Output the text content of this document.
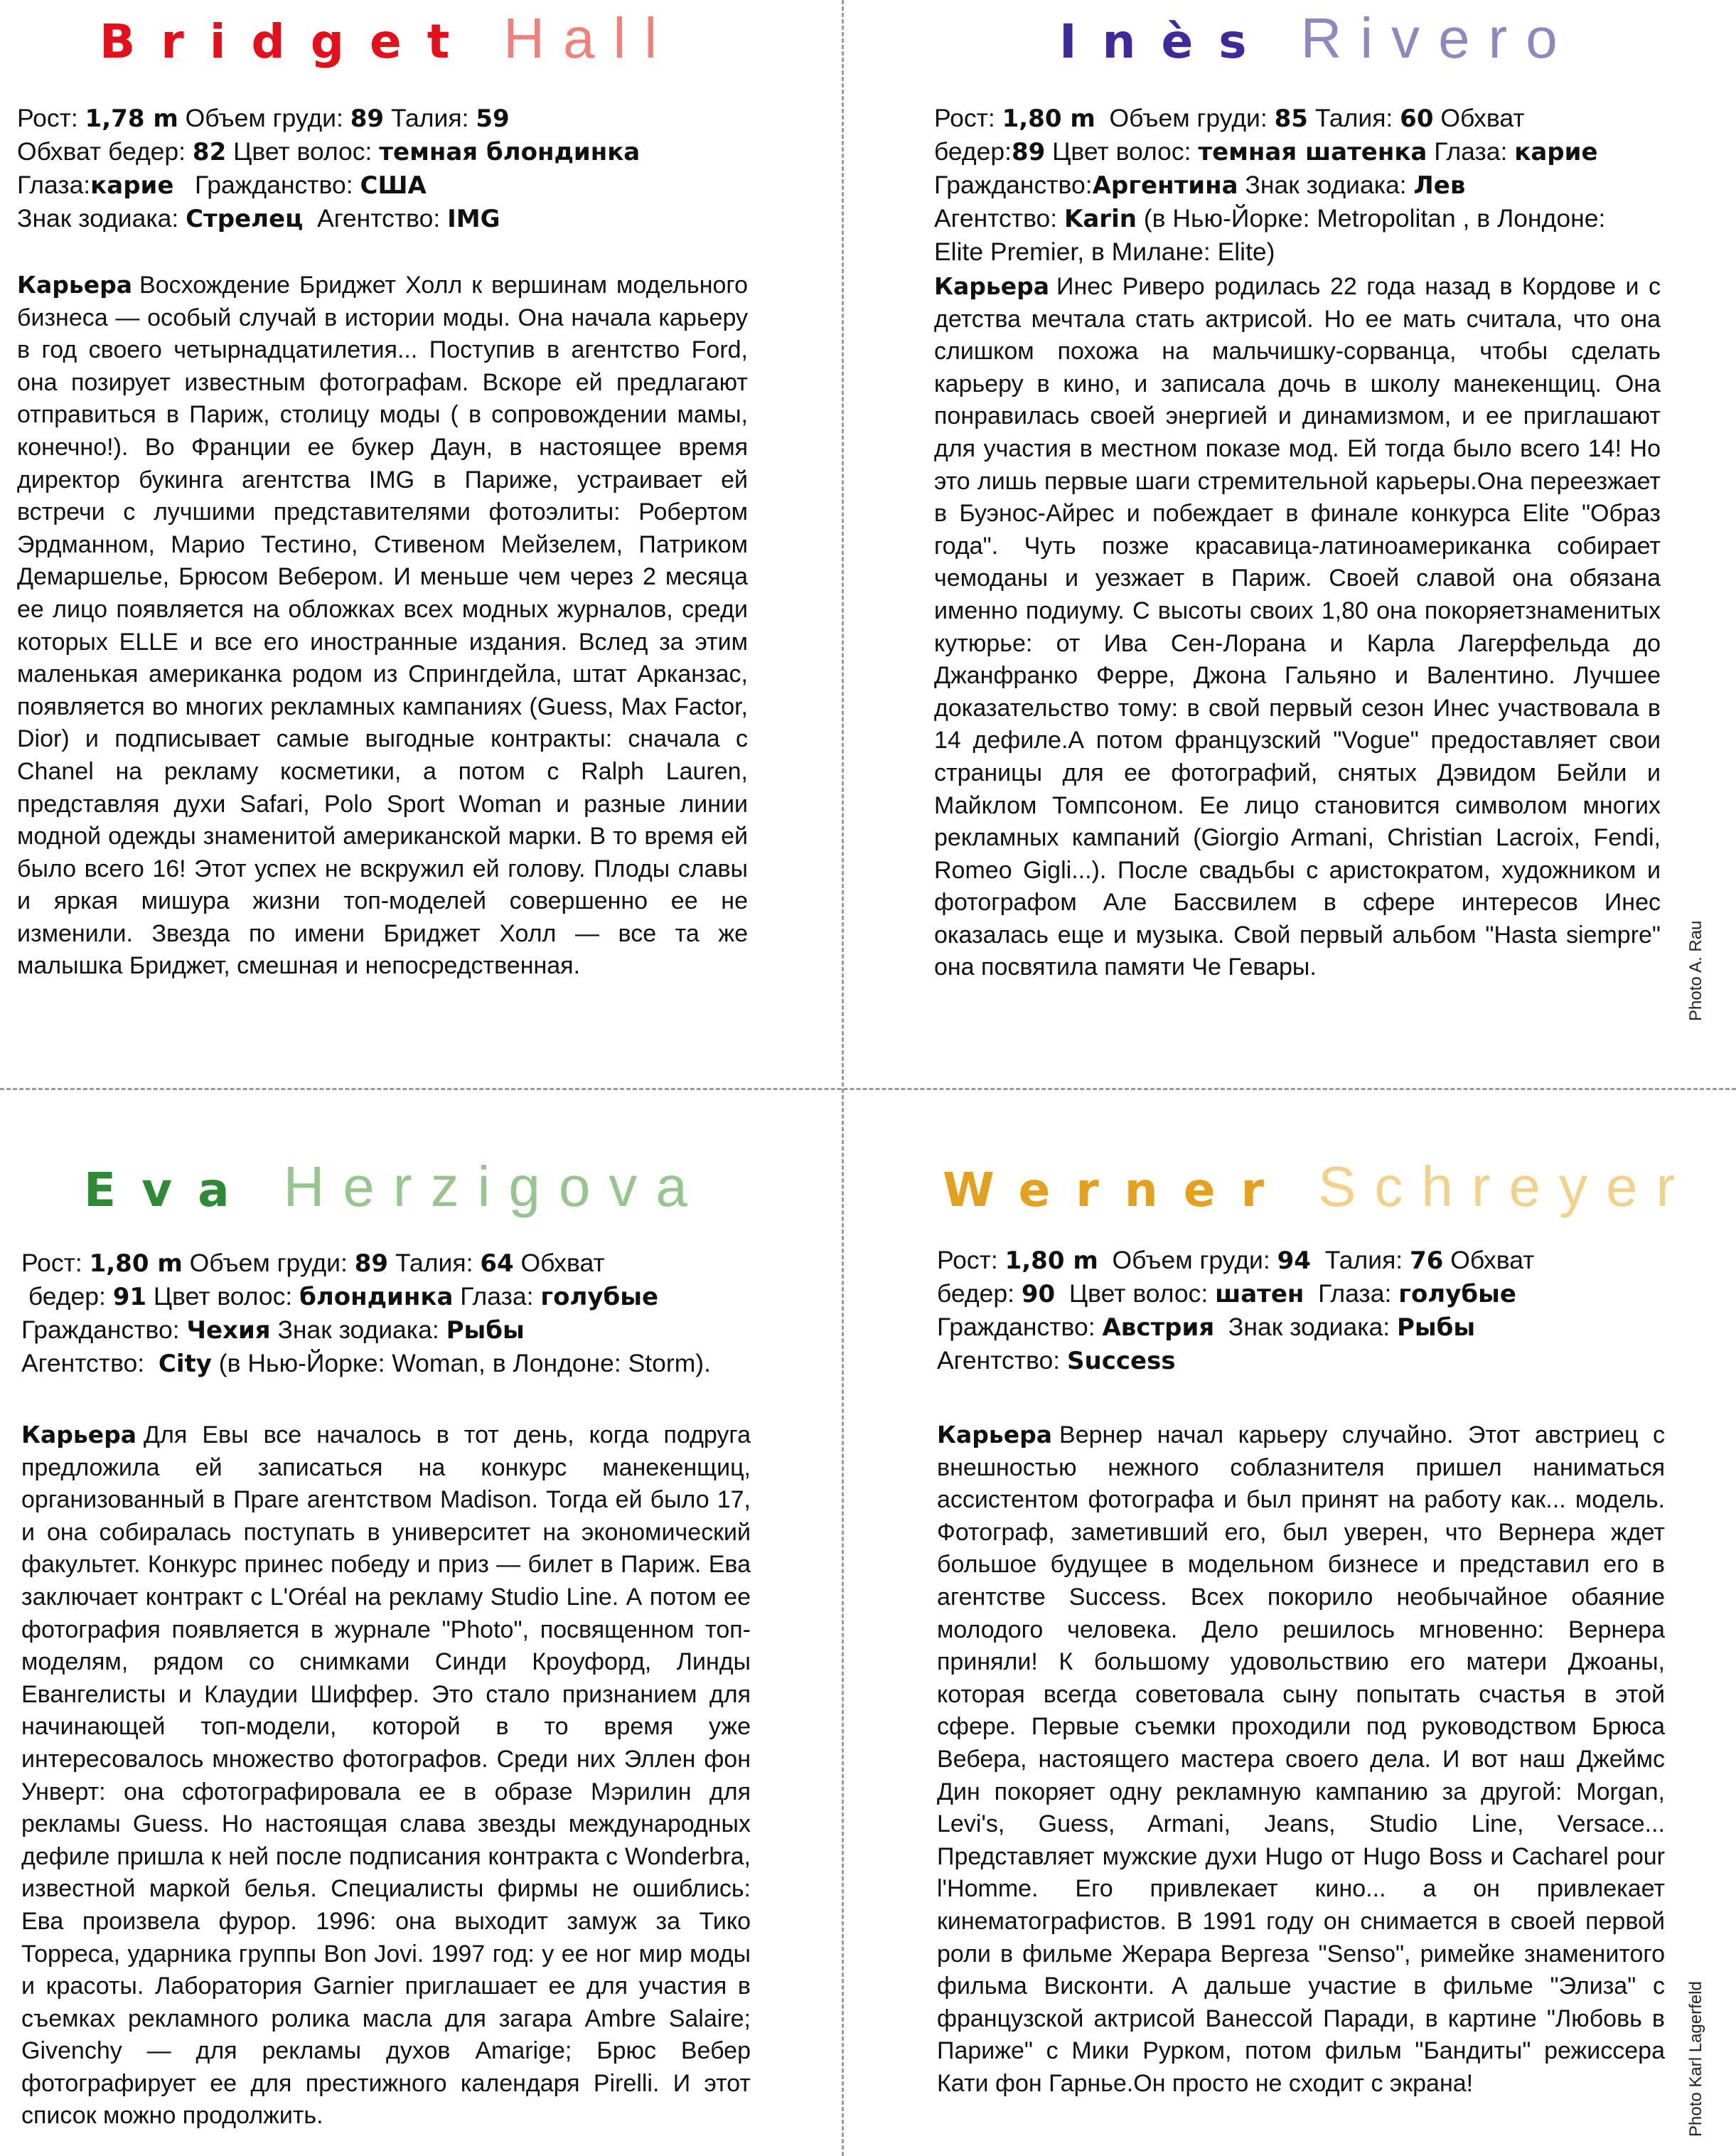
Bridget Hall
Рост: 1,78 m Объем груди: 89 Талия: 59
Обхват бедер: 82 Цвет волос: темная блондинка
Глаза:карие Гражданство: США
Знак зодиака: Стрелец Агентство: IMG

Карьера Восхождение Бриджет Холл к вершинам модельного бизнеса — особый случай в истории моды. Она начала карьеру в год своего четырнадцатилетия... Поступив в агентство Ford, она позирует известным фотографам. Вскоре ей предлагают отправиться в Париж, столицу моды ( в сопровождении мамы, конечно!). Во Франции ее букер Даун, в настоящее время директор букинга агентства IMG в Париже, устраивает ей встречи с лучшими представителями фотоэлиты: Робертом Эрдманном, Марио Тестино, Стивеном Мейзелем, Патриком Демаршелье, Брюсом Вебером. И меньше чем через 2 месяца ее лицо появляется на обложках всех модных журналов, среди которых ELLE и все его иностранные издания. Вслед за этим маленькая американка родом из Спрингдейла, штат Арканзас, появляется во многих рекламных кампаниях (Guess, Max Factor, Dior) и подписывает самые выгодные контракты: сначала с Chanel на рекламу косметики, а потом с Ralph Lauren, представляя духи Safari, Polo Sport Woman и разные линии модной одежды знаменитой американской марки. В то время ей было всего 16! Этот успех не вскружил ей голову. Плоды славы и яркая мишура жизни топ-моделей совершенно ее не изменили. Звезда по имени Бриджет Холл — все та же малышка Бриджет, смешная и непосредственная.

Inès Rivero
Рост: 1,80 m Объем груди: 85 Талия: 60 Обхват
бедер:89 Цвет волос: темная шатенка Глаза: карие
Гражданство:Аргентина Знак зодиака: Лев
Агентство: Karin (в Нью-Йорке: Metropolitan , в Лондоне:
Elite Premier, в Милане: Elite)

Карьера Инес Риверо родилась 22 года назад в Кордове и с детства мечтала стать актрисой. Но ее мать считала, что она слишком похожа на мальчишку-сорванца, чтобы сделать карьеру в кино, и записала дочь в школу манекенщиц. Она понравилась своей энергией и динамизмом, и ее приглашают для участия в местном показе мод. Ей тогда было всего 14! Но это лишь первые шаги стремительной карьеры.Она переезжает в Буэнос-Айрес и побеждает в финале конкурса Elite "Образ года". Чуть позже красавица-латиноамериканка собирает чемоданы и уезжает в Париж. Своей славой она обязана именно подиуму. С высоты своих 1,80 она покоряетзнаменитых кутюрье: от Ива Сен-Лорана и Карла Лагерфельда до Джанфранко Ферре, Джона Гальяно и Валентино. Лучшее доказательство тому: в свой первый сезон Инес участвовала в 14 дефиле.А потом французский "Vogue" предоставляет свои страницы для ее фотографий, снятых Дэвидом Бейли и Майклом Томпсоном. Ее лицо становится символом многих рекламных кампаний (Giorgio Armani, Christian Lacroix, Fendi, Romeo Gigli...). После свадьбы с аристократом, художником и фотографом Але Бассвилем в сфере интересов Инес оказалась еще и музыка. Свой первый альбом "Hasta siempre" она посвятила памяти Че Гевары.	Photo A. Rau
Eva Herzigova
Рост: 1,80 m Объем груди: 89 Талия: 64 Обхват
бедер: 91 Цвет волос: блондинка Глаза: голубые
Гражданство: Чехия Знак зодиака: Рыбы
Агентство: City (в Нью-Йорке: Woman, в Лондоне: Storm).

Карьера Для Евы все началось в тот день, когда подруга предложила ей записаться на конкурс манекенщиц, организованный в Праге агентством Madison. Тогда ей было 17, и она собиралась поступать в университет на экономический факультет. Конкурс принес победу и приз — билет в Париж. Ева заключает контракт с L'Oréal на рекламу Studio Line. А потом ее фотография появляется в журнале "Photo", посвященном топ-моделям, рядом со снимками Синди Кроуфорд, Линды Евангелисты и Клаудии Шиффер. Это стало признанием для начинающей топ-модели, которой в то время уже интересовалось множество фотографов. Среди них Эллен фон Унверт: она сфотографировала ее в образе Мэрилин для рекламы Guess. Но настоящая слава звезды международных дефиле пришла к ней после подписания контракта с Wonderbra, известной маркой белья. Специалисты фирмы не ошиблись: Ева произвела фурор. 1996: она выходит замуж за Тико Торреса, ударника группы Bon Jovi. 1997 год: у ее ног мир моды и красоты. Лаборатория Garnier приглашает ее для участия в съемках рекламного ролика масла для загара Ambre Salaire; Givenchy — для рекламы духов Amarige; Брюс Вебер фотографирует ее для престижного календаря Pirelli. И этот список можно продолжить.

Werner Schreyer
Рост: 1,80 m Объем груди: 94 Талия: 76 Обхват
бедер: 90 Цвет волос: шатен Глаза: голубые
Гражданство: Австрия Знак зодиака: Рыбы
Агентство: Success

Карьера Вернер начал карьеру случайно. Этот австриец с внешностью нежного соблазнителя пришел наниматься ассистентом фотографа и был принят на работу как... модель. Фотограф, заметивший его, был уверен, что Вернера ждет большое будущее в модельном бизнесе и представил его в агентстве Success. Всех покорило необычайное обаяние молодого человека. Дело решилось мгновенно: Вернера приняли! К большому удовольствию его матери Джоаны, которая всегда советовала сыну попытать счастья в этой сфере. Первые съемки проходили под руководством Брюса Вебера, настоящего мастера своего дела. И вот наш Джеймс Дин покоряет одну рекламную кампанию за другой: Morgan, Levi's, Guess, Armani, Jeans, Studio Line, Versace... Представляет мужские духи Hugo от Hugo Boss и Cacharel pour l'Homme. Его привлекает кино... а он привлекает кинематографистов. В 1991 году он снимается в своей первой роли в фильме Жерара Вергеза "Senso", римейке знаменитого фильма Висконти. А дальше участие в фильме "Элиза" с французской актрисой Ванессой Паради, в картине "Любовь в Париже" с Мики Рурком, потом фильм "Бандиты" режиссера Кати фон Гарнье.Он просто не сходит с экрана!	Photo Karl Lagerfeld
